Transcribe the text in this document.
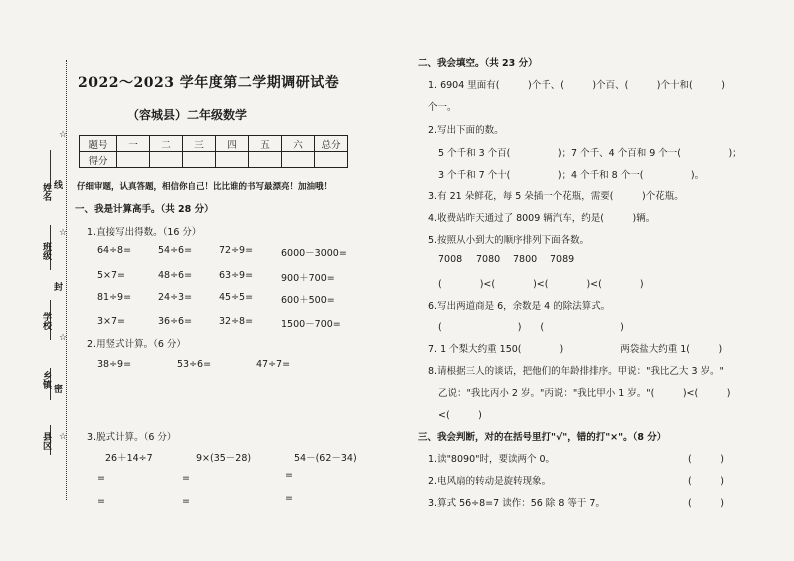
姓名
班级
学校
乡镇
县区
线
封
密
☆
☆
☆
☆
2022～2023 学年度第二学期调研试卷
（容城县）二年级数学
题号	一	二	三	四	五	六	总分
得分							
仔细审题，认真答题，相信你自己！比比谁的书写最漂亮！加油哦！
一、我是计算高手。（共 28 分）
1.直接写出得数。（16 分）
64÷8=	54÷6=	72÷9=	6000－3000=
5×7=	48÷6=	63÷9=	900＋700=
81÷9=	24÷3=	45÷5=	600＋500=
3×7=	36÷6=	32÷8=	1500－700=
2.用竖式计算。（6 分）
38÷9=	53÷6=	47÷7=
3.脱式计算。（6 分）
26＋14÷7	9×(35－28)	54－(62－34)
=	=	=
=	=	=
二、我会填空。（共 23 分）
1. 6904 里面有(　　　)个千、(　　　)个百、(　　　)个十和(　　　)
个一。
2.写出下面的数。
5 个千和 3 个百(　　　　　)；7 个千、4 个百和 9 个一(　　　　　)；
3 个千和 7 个十(　　　　　)；4 个千和 8 个一(　　　　　)。
3.有 21 朵鲜花，每 5 朵插一个花瓶，需要(　　　)个花瓶。
4.收费站昨天通过了 8009 辆汽车，约是(　　　)辆。
5.按照从小到大的顺序排列下面各数。
7008 7080 7800 7089
(　　　　)<(　　　　)<(　　　　)<(　　　　)
6.写出两道商是 6，余数是 4 的除法算式。
(　　　　　　　　)　　(　　　　　　　　)
7. 1 个梨大约重 150(　　　　)　　　　　　两袋盐大约重 1(　　　)
8.请根据三人的谈话，把他们的年龄排排序。甲说："我比乙大 3 岁。"
乙说："我比丙小 2 岁。"丙说："我比甲小 1 岁。"(　　　)<(　　　)
<(　　　)
三、我会判断，对的在括号里打"√"，错的打"×"。（8 分）
1.读"8090"时，要读两个 0。	(　　　)
2.电风扇的转动是旋转现象。	(　　　)
3.算式 56÷8=7 读作：56 除 8 等于 7。	(　　　)
